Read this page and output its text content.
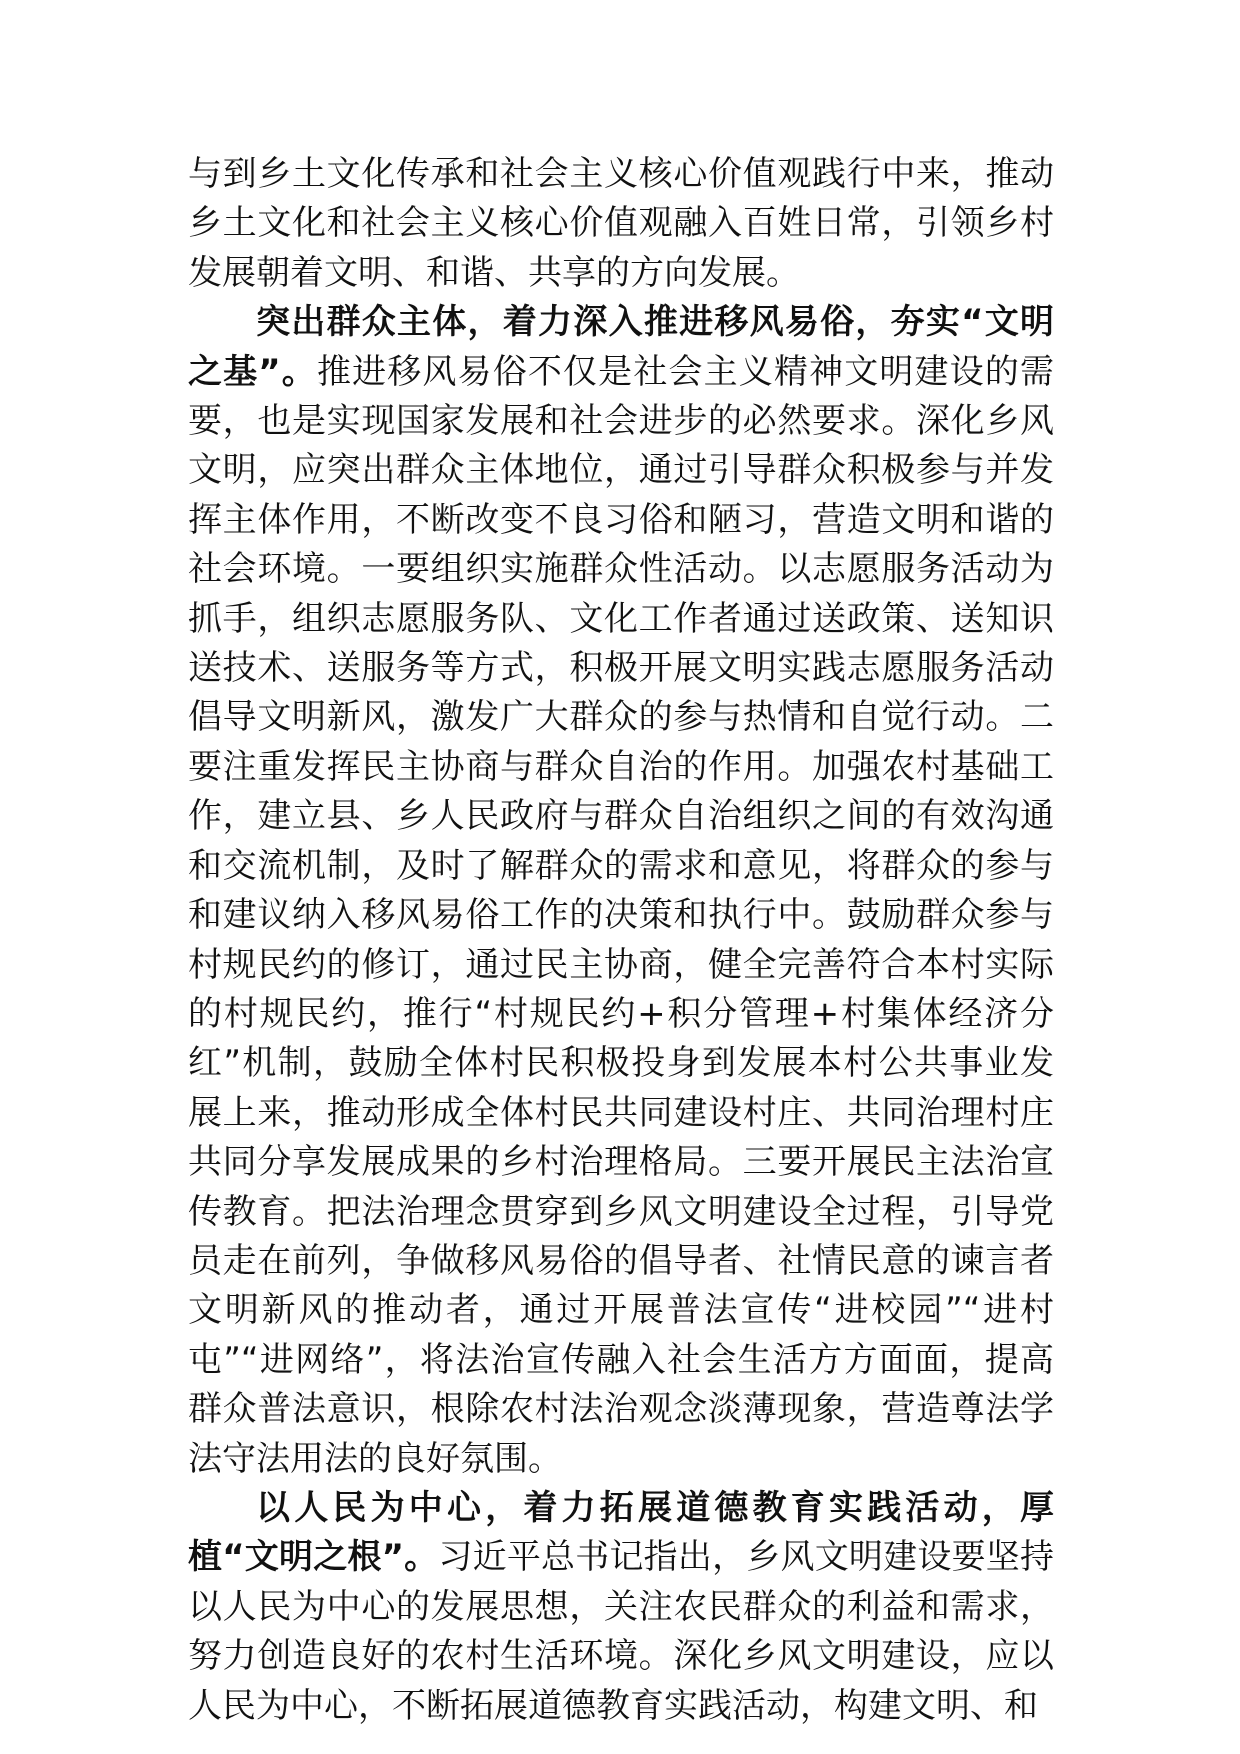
与到乡土文化传承和社会主义核心价值观践行中来，推动乡土文化和社会主义核心价值观融入百姓日常，引领乡村发展朝着文明、和谐、共享的方向发展。

突出群众主体，着力深入推进移风易俗，夯实“文明之基”。推进移风易俗不仅是社会主义精神文明建设的需要，也是实现国家发展和社会进步的必然要求。深化乡风文明，应突出群众主体地位，通过引导群众积极参与并发挥主体作用，不断改变不良习俗和陋习，营造文明和谐的社会环境。一要组织实施群众性活动。以志愿服务活动为抓手，组织志愿服务队、文化工作者通过送政策、送知识送技术、送服务等方式，积极开展文明实践志愿服务活动倡导文明新风，激发广大群众的参与热情和自觉行动。二要注重发挥民主协商与群众自治的作用。加强农村基础工作，建立县、乡人民政府与群众自治组织之间的有效沟通和交流机制，及时了解群众的需求和意见，将群众的参与和建议纳入移风易俗工作的决策和执行中。鼓励群众参与村规民约的修订，通过民主协商，健全完善符合本村实际的村规民约，推行“村规民约+积分管理+村集体经济分红”机制，鼓励全体村民积极投身到发展本村公共事业发展上来，推动形成全体村民共同建设村庄、共同治理村庄共同分享发展成果的乡村治理格局。三要开展民主法治宣传教育。把法治理念贯穿到乡风文明建设全过程，引导党员走在前列，争做移风易俗的倡导者、社情民意的谏言者文明新风的推动者，通过开展普法宣传“进校园”“进村屯”“进网络”，将法治宣传融入社会生活方方面面，提高群众普法意识，根除农村法治观念淡薄现象，营造尊法学法守法用法的良好氛围。

以人民为中心，着力拓展道德教育实践活动，厚植“文明之根”。习近平总书记指出，乡风文明建设要坚持以人民为中心的发展思想，关注农民群众的利益和需求，努力创造良好的农村生活环境。深化乡风文明建设，应以人民为中心，不断拓展道德教育实践活动，构建文明、和
